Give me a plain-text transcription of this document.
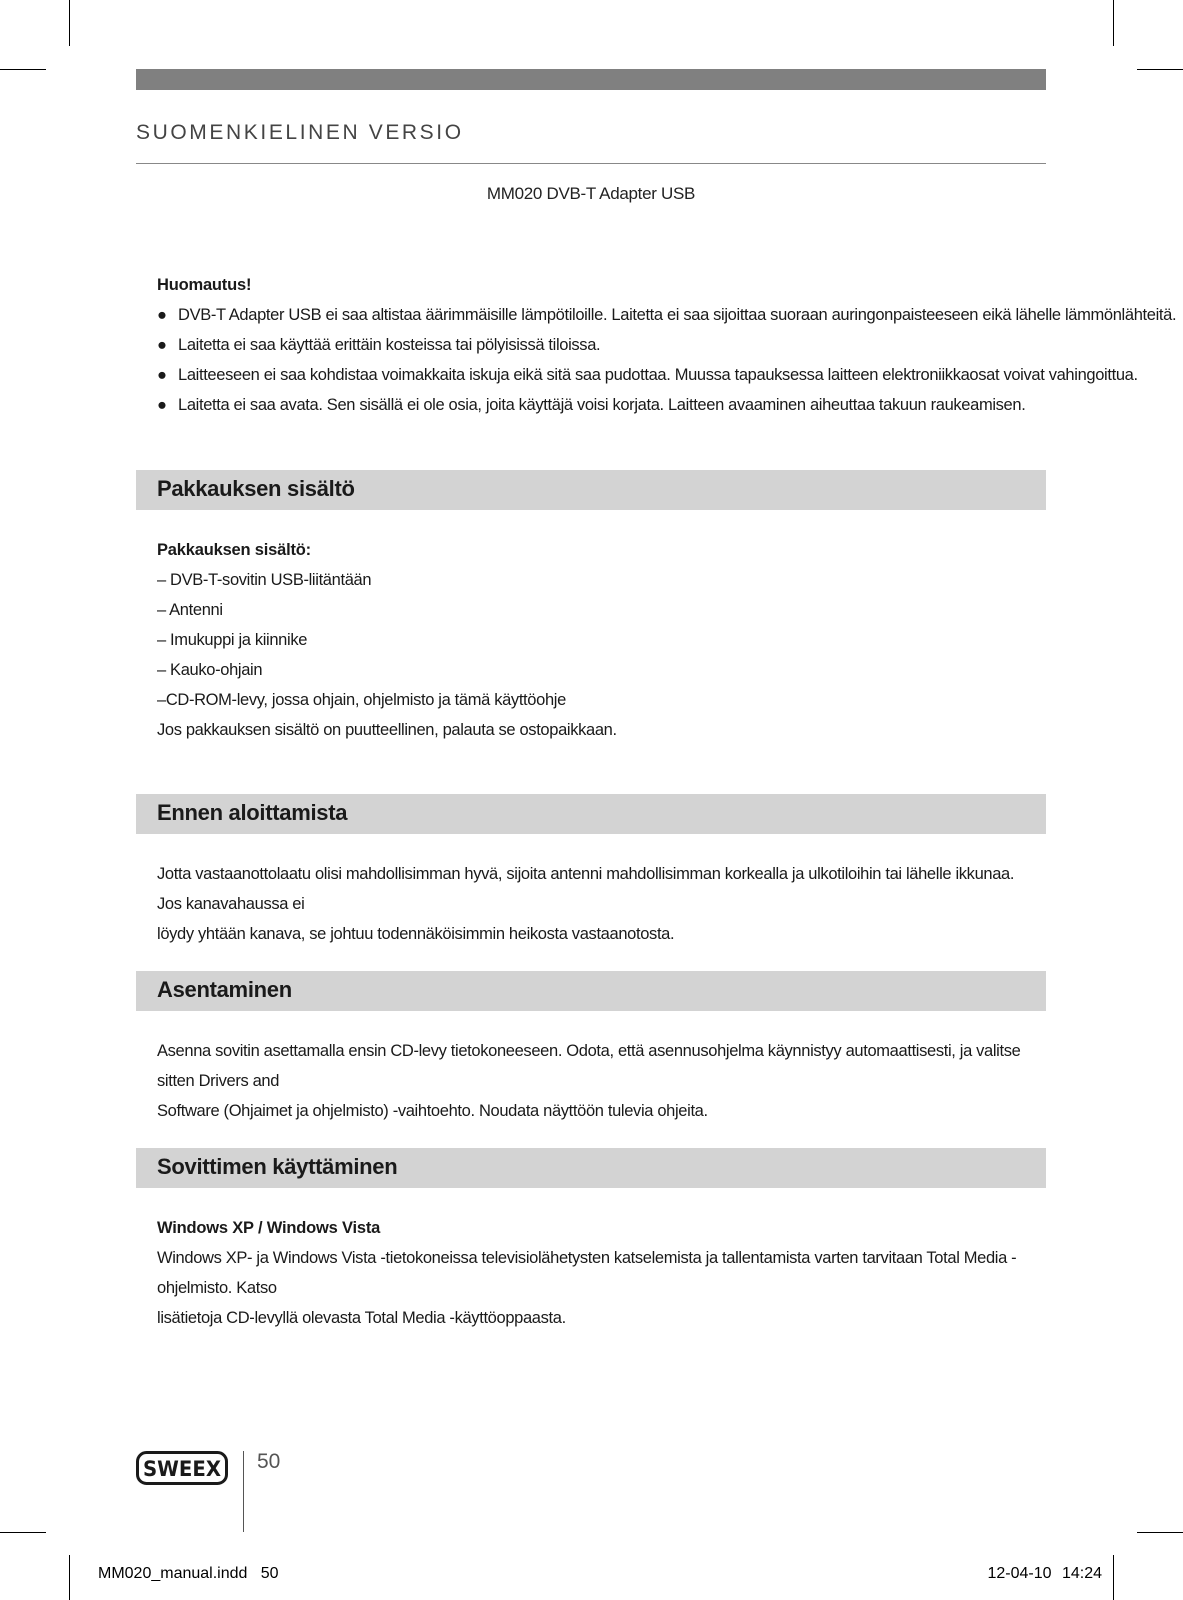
SUOMENKIELINEN VERSIO
MM020 DVB-T Adapter USB
Huomautus!
● DVB-T Adapter USB ei saa altistaa äärimmäisille lämpötiloille. Laitetta ei saa sijoittaa suoraan auringonpaisteeseen eikä lähelle lämmönlähteitä.
● Laitetta ei saa käyttää erittäin kosteissa tai pölyisissä tiloissa.
● Laitteeseen ei saa kohdistaa voimakkaita iskuja eikä sitä saa pudottaa. Muussa tapauksessa laitteen elektroniikkaosat voivat vahingoittua.
● Laitetta ei saa avata. Sen sisällä ei ole osia, joita käyttäjä voisi korjata. Laitteen avaaminen aiheuttaa takuun raukeamisen.
Pakkauksen sisältö
Pakkauksen sisältö:
– DVB-T-sovitin USB-liitäntään
– Antenni
– Imukuppi ja kiinnike
– Kauko-ohjain
–CD-ROM-levy, jossa ohjain, ohjelmisto ja tämä käyttöohje
Jos pakkauksen sisältö on puutteellinen, palauta se ostopaikkaan.
Ennen aloittamista
Jotta vastaanottolaatu olisi mahdollisimman hyvä, sijoita antenni mahdollisimman korkealla ja ulkotiloihin tai lähelle ikkunaa. Jos kanavahaussa ei
löydy yhtään kanava, se johtuu todennäköisimmin heikosta vastaanotosta.
Asentaminen
Asenna sovitin asettamalla ensin CD-levy tietokoneeseen. Odota, että asennusohjelma käynnistyy automaattisesti, ja valitse sitten Drivers and
Software (Ohjaimet ja ohjelmisto) -vaihtoehto. Noudata näyttöön tulevia ohjeita.
Sovittimen käyttäminen
Windows XP / Windows Vista
Windows XP- ja Windows Vista -tietokoneissa televisiolähetysten katselemista ja tallentamista varten tarvitaan Total Media -ohjelmisto. Katso
lisätietoja CD-levyllä olevasta Total Media -käyttöoppaasta.
SWEEX 50
MM020_manual.indd   50	12-04-10 14:24
